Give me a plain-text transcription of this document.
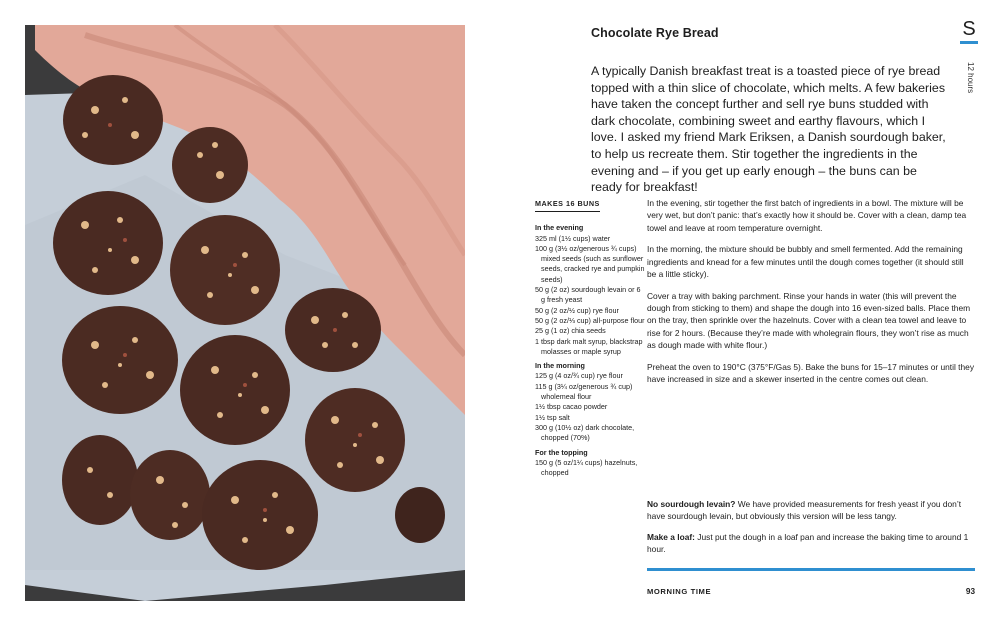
Chocolate Rye Bread	S
12 hours
A typically Danish breakfast treat is a toasted piece of rye bread topped with a thin slice of chocolate, which melts. A few bakeries have taken the concept further and sell rye buns studded with dark chocolate, combining sweet and earthy flavours, which I love. I asked my friend Mark Eriksen, a Danish sourdough baker, to help us recreate them. Stir together the ingredients in the evening and – if you get up early enough – the buns can be ready for breakfast!
MAKES 16 BUNS
In the evening
325 ml (1½ cups) water
100 g (3½ oz/generous ¾ cups) mixed seeds (such as sunflower seeds, cracked rye and pumpkin seeds)
50 g (2 oz) sourdough levain or 6 g fresh yeast
50 g (2 oz/½ cup) rye flour
50 g (2 oz/⅓ cup) all-purpose flour
25 g (1 oz) chia seeds
1 tbsp dark malt syrup, blackstrap molasses or maple syrup
In the morning
125 g (4 oz/¾ cup) rye flour
115 g (3¼ oz/generous ¾ cup) wholemeal flour
1½ tbsp cacao powder
1½ tsp salt
300 g (10½ oz) dark chocolate, chopped (70%)
For the topping
150 g (5 oz/1¼ cups) hazelnuts, chopped

In the evening, stir together the first batch of ingredients in a bowl. The mixture will be very wet, but don’t panic: that’s exactly how it should be. Cover with a clean, damp tea towel and leave at room temperature overnight.

In the morning, the mixture should be bubbly and smell fermented. Add the remaining ingredients and knead for a few minutes until the dough comes together (it should still be a little sticky).

Cover a tray with baking parchment. Rinse your hands in water (this will prevent the dough from sticking to them) and shape the dough into 16 even-sized balls. Place them on the tray, then sprinkle over the hazelnuts. Cover with a clean tea towel and leave to rise for 2 hours. (Because they’re made with wholegrain flours, they won’t rise as much as dough made with white flour.)

Preheat the oven to 190°C (375°F/Gas 5). Bake the buns for 15–17 minutes or until they have increased in size and a skewer inserted in the centre comes out clean.

No sourdough levain? We have provided measurements for fresh yeast if you don’t have sourdough levain, but obviously this version will be less tangy.

Make a loaf: Just put the dough in a loaf pan and increase the baking time to around 1 hour.

MORNING TIME	93
